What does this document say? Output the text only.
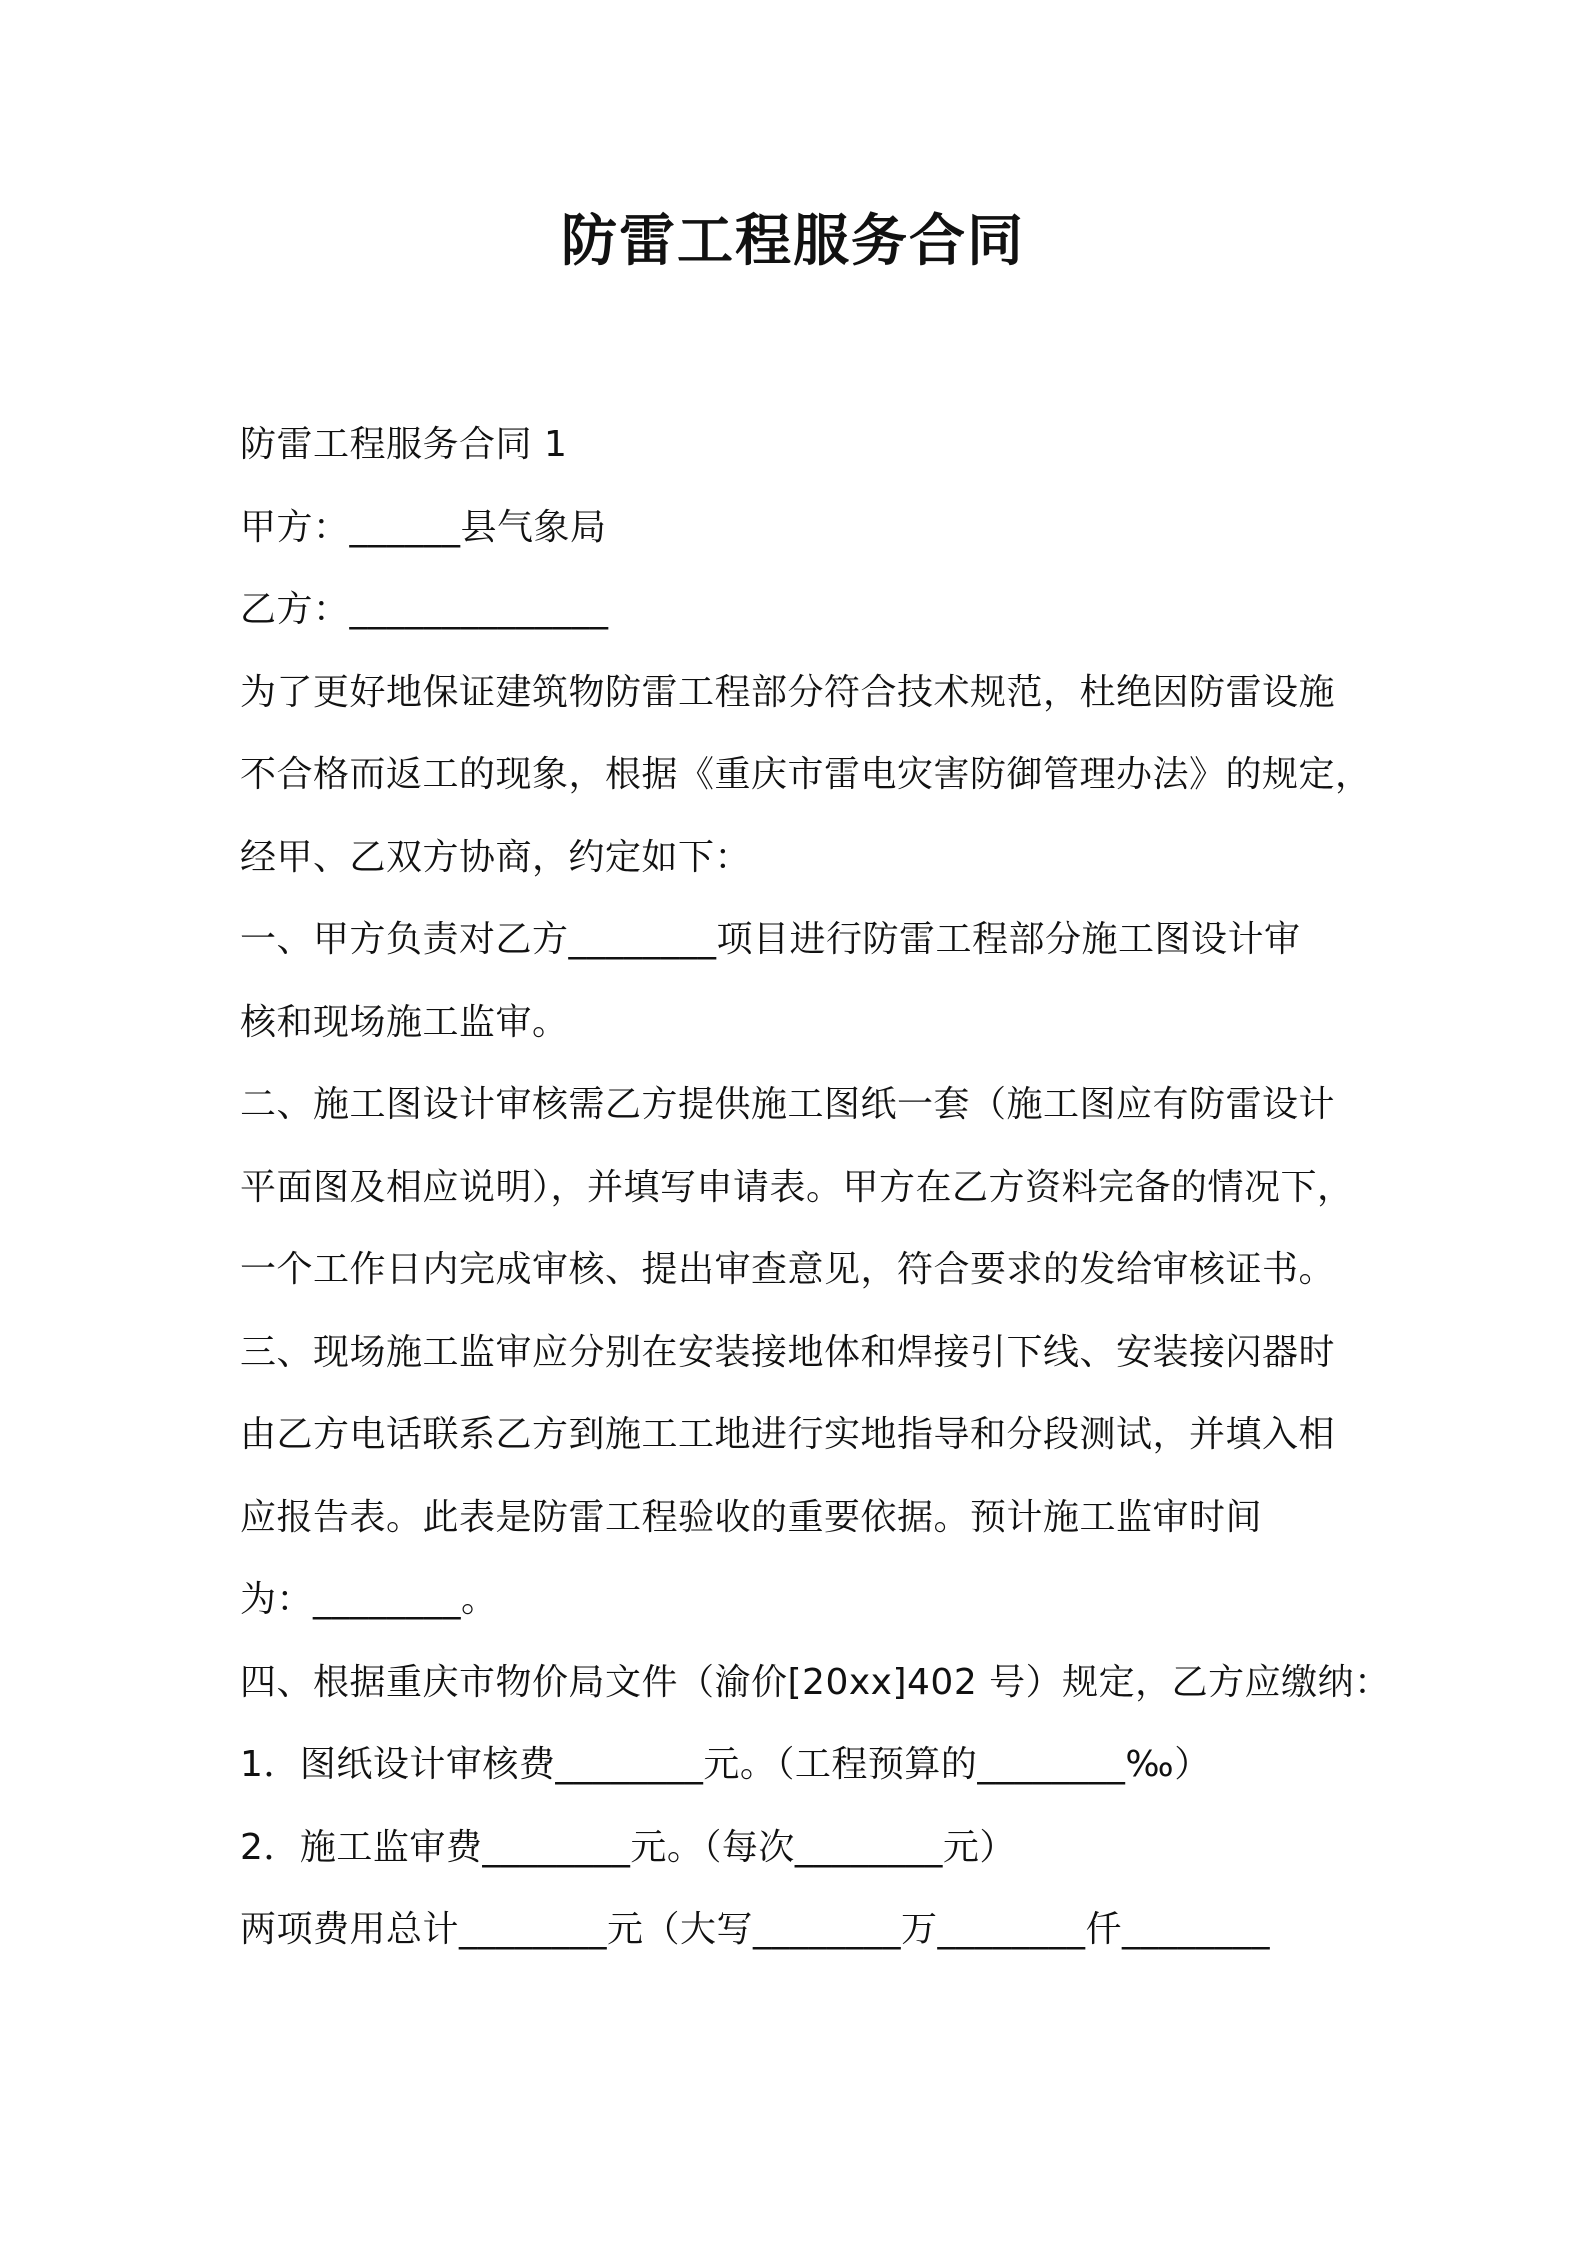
防雷工程服务合同
防雷工程服务合同 1
甲方：______县气象局
乙方：______________
为了更好地保证建筑物防雷工程部分符合技术规范，杜绝因防雷设施
不合格而返工的现象，根据《重庆市雷电灾害防御管理办法》的规定，
经甲、乙双方协商，约定如下：
一、甲方负责对乙方________项目进行防雷工程部分施工图设计审
核和现场施工监审。
二、施工图设计审核需乙方提供施工图纸一套（施工图应有防雷设计
平面图及相应说明），并填写申请表。甲方在乙方资料完备的情况下，
一个工作日内完成审核、提出审查意见，符合要求的发给审核证书。
三、现场施工监审应分别在安装接地体和焊接引下线、安装接闪器时
由乙方电话联系乙方到施工工地进行实地指导和分段测试，并填入相
应报告表。此表是防雷工程验收的重要依据。预计施工监审时间
为：________。
四、根据重庆市物价局文件（渝价[20xx]402 号）规定，乙方应缴纳：
1．图纸设计审核费________元。（工程预算的________‰）
2．施工监审费________元。（每次________元）
两项费用总计________元（大写________万________仟________
